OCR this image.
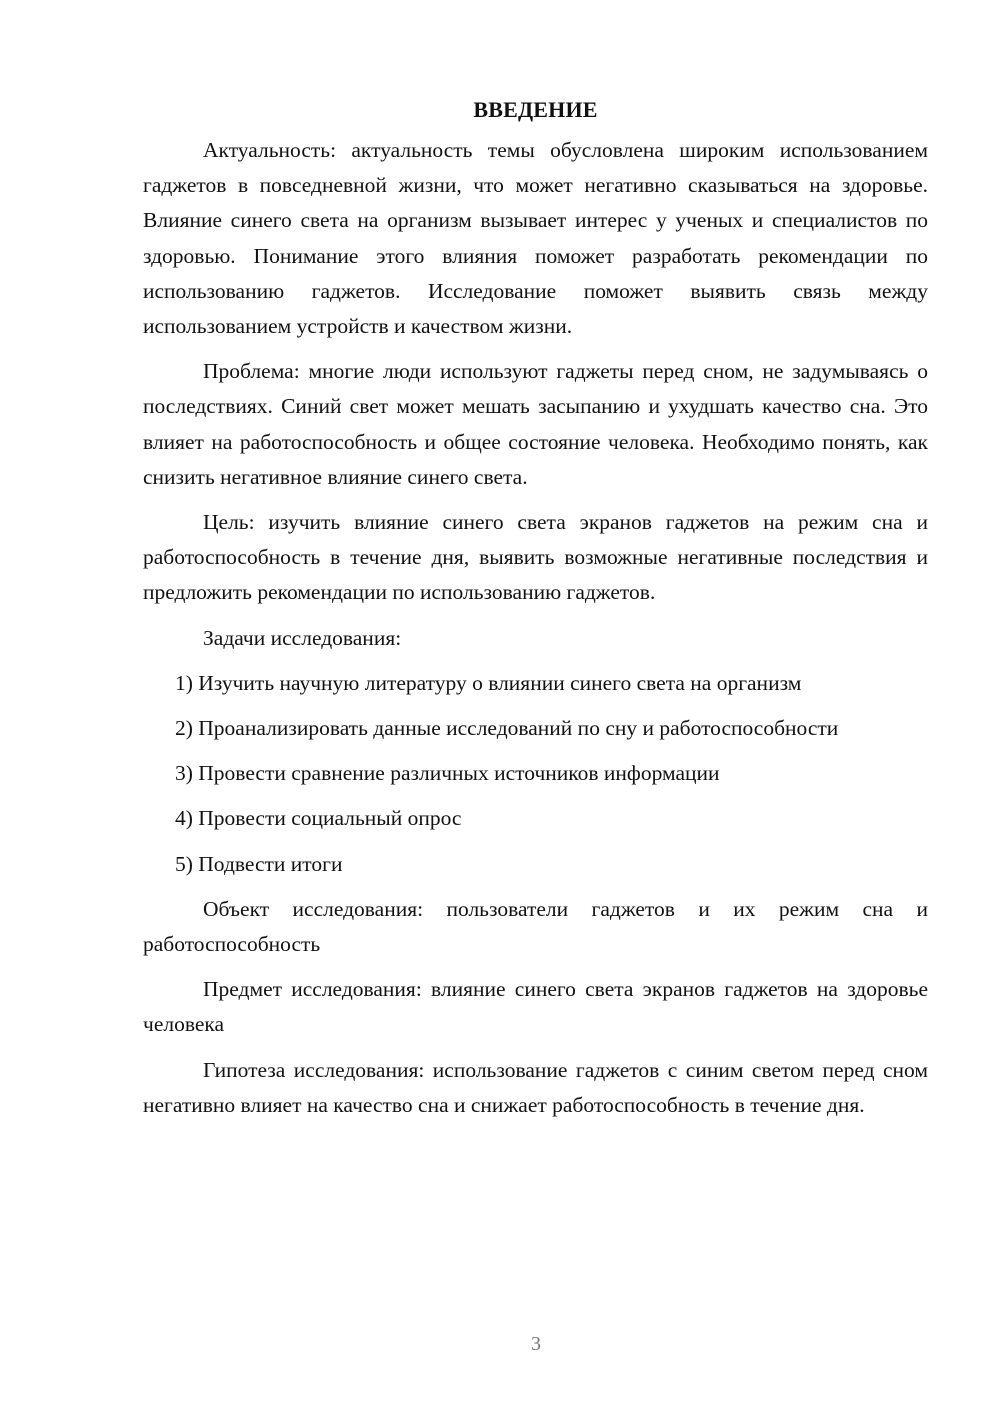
ВВЕДЕНИЕ

Актуальность: актуальность темы обусловлена широким использованием гаджетов в повседневной жизни, что может негативно сказываться на здоровье. Влияние синего света на организм вызывает интерес у ученых и специалистов по здоровью. Понимание этого влияния поможет разработать рекомендации по использованию гаджетов. Исследование поможет выявить связь между использованием устройств и качеством жизни.

Проблема: многие люди используют гаджеты перед сном, не задумываясь о последствиях. Синий свет может мешать засыпанию и ухудшать качество сна. Это влияет на работоспособность и общее состояние человека. Необходимо понять, как снизить негативное влияние синего света.

Цель: изучить влияние синего света экранов гаджетов на режим сна и работоспособность в течение дня, выявить возможные негативные последствия и предложить рекомендации по использованию гаджетов.

Задачи исследования:

1) Изучить научную литературу о влиянии синего света на организм

2) Проанализировать данные исследований по сну и работоспособности

3) Провести сравнение различных источников информации

4) Провести социальный опрос

5) Подвести итоги

Объект исследования: пользователи гаджетов и их режим сна и работоспособность

Предмет исследования: влияние синего света экранов гаджетов на здоровье человека

Гипотеза исследования: использование гаджетов с синим светом перед сном негативно влияет на качество сна и снижает работоспособность в течение дня.

3
